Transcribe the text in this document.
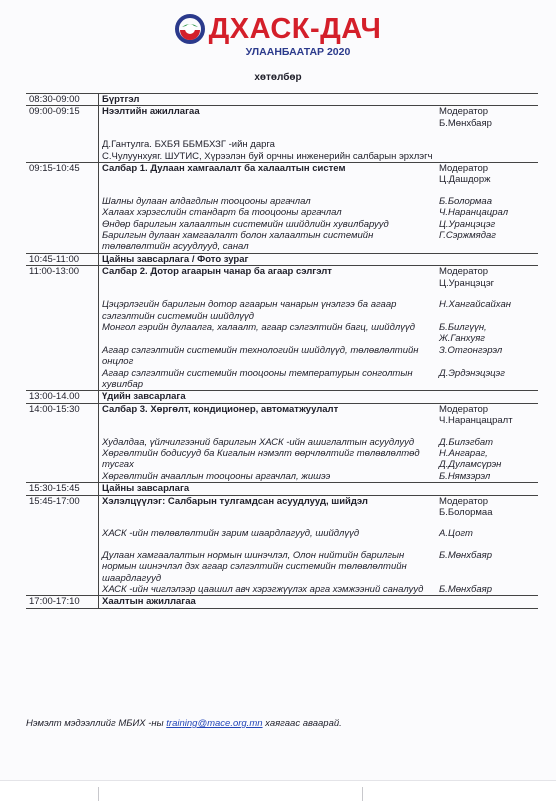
ДХАСК-ДАЧ
УЛААНБААТАР 2020
хөтөлбөр
08:30-09:00	Бүртгэл	
09:00-09:15	Нээлтийн ажиллагаа	Модератор Б.Мөнхбаяр

	Д.Гантулга. БХБЯ ББМБХЗГ -ийн дарга	
	С.Чулуунхуяг. ШУТИС, Хүрээлэн буй орчны инженерийн салбарын эрхлэгч	
09:15-10:45	Салбар 1. Дулаан хамгаалалт ба халаалтын систем	Модератор Ц.Дашдорж

	Шалны дулаан алдагдлын тооцооны аргачлал	Б.Болормаа
	Халаах хэрэгслийн стандарт ба тооцооны аргачлал	Ч.Наранцацрал
	Өндөр барилгын халаалтын системийн шийдлийн хувилбарууд	Ц.Уранцэцэг
	Барилгын дулаан хамгаалалт болон халаалтын системийн төлөвлөлтийн асуудлууд, санал	Г.Сэржмядаг
10:45-11:00	Цайны завсарлага / Фото зураг	
11:00-13:00	Салбар 2. Дотор агаарын чанар ба агаар сэлгэлт	Модератор Ц.Уранцэцэг

	Цэцэрлэгийн барилгын дотор агаарын чанарын үнэлгээ ба агаар сэлгэлтийн системийн шийдлүүд	Н.Хангайсайхан
	Монгол гэрийн дулаалга, халаалт, агаар сэлгэлтийн багц, шийдлүүд	Б.Билгүүн, Ж.Ганхуяг
	Агаар сэлгэлтийн системийн технологийн шийдлүүд, төлөвлөлтийн онцлог	З.Отгонгэрэл
	Агаар сэлгэлтийн системийн тооцооны температурын сонголтын хувилбар	Д.Эрдэнэцэцэг
13:00-14.00	Үдийн завсарлага	
14:00-15:30	Салбар 3. Хөргөлт, кондиционер, автоматжуулалт	Модератор Ч.Наранцацралт

	Худалдаа, үйлчилгээний барилгын ХАСК -ийн ашиглалтын асуудлууд	Д.Билэгбат
	Хөргөлтийн бодисууд ба Кигалын нэмэлт өөрчлөлтийг төлөвлөлтөд тусгах	Н.Ангараг, Д.Дуламсүрэн
	Хөргөлтийн ачааллын тооцооны аргачлал, жишээ	Б.Нямзэрэл
15:30-15:45	Цайны завсарлага	
15:45-17:00	Хэлэлцүүлэг: Салбарын тулгамдсан асуудлууд, шийдэл	Модератор Б.Болормаа

	ХАСК -ийн төлөвлөлтийн зарим шаардлагууд, шийдлүүд	А.Цогт

	Дулаан хамгаалалтын нормын шинэчлэл, Олон нийтийн барилгын нормын шинэчлэл дэх агаар сэлгэлтийн системийн төлөвлөлтийн шаардлагууд	Б.Мөнхбаяр
	ХАСК -ийн чиглэлээр цаашил авч хэрэгжүүлэх арга хэмжээний саналууд	Б.Мөнхбаяр
17:00-17:10	Хаалтын ажиллагаа	
Нэмэлт мэдээллийг МБИХ -ны training@mace.org.mn хаягаас аваарай.
